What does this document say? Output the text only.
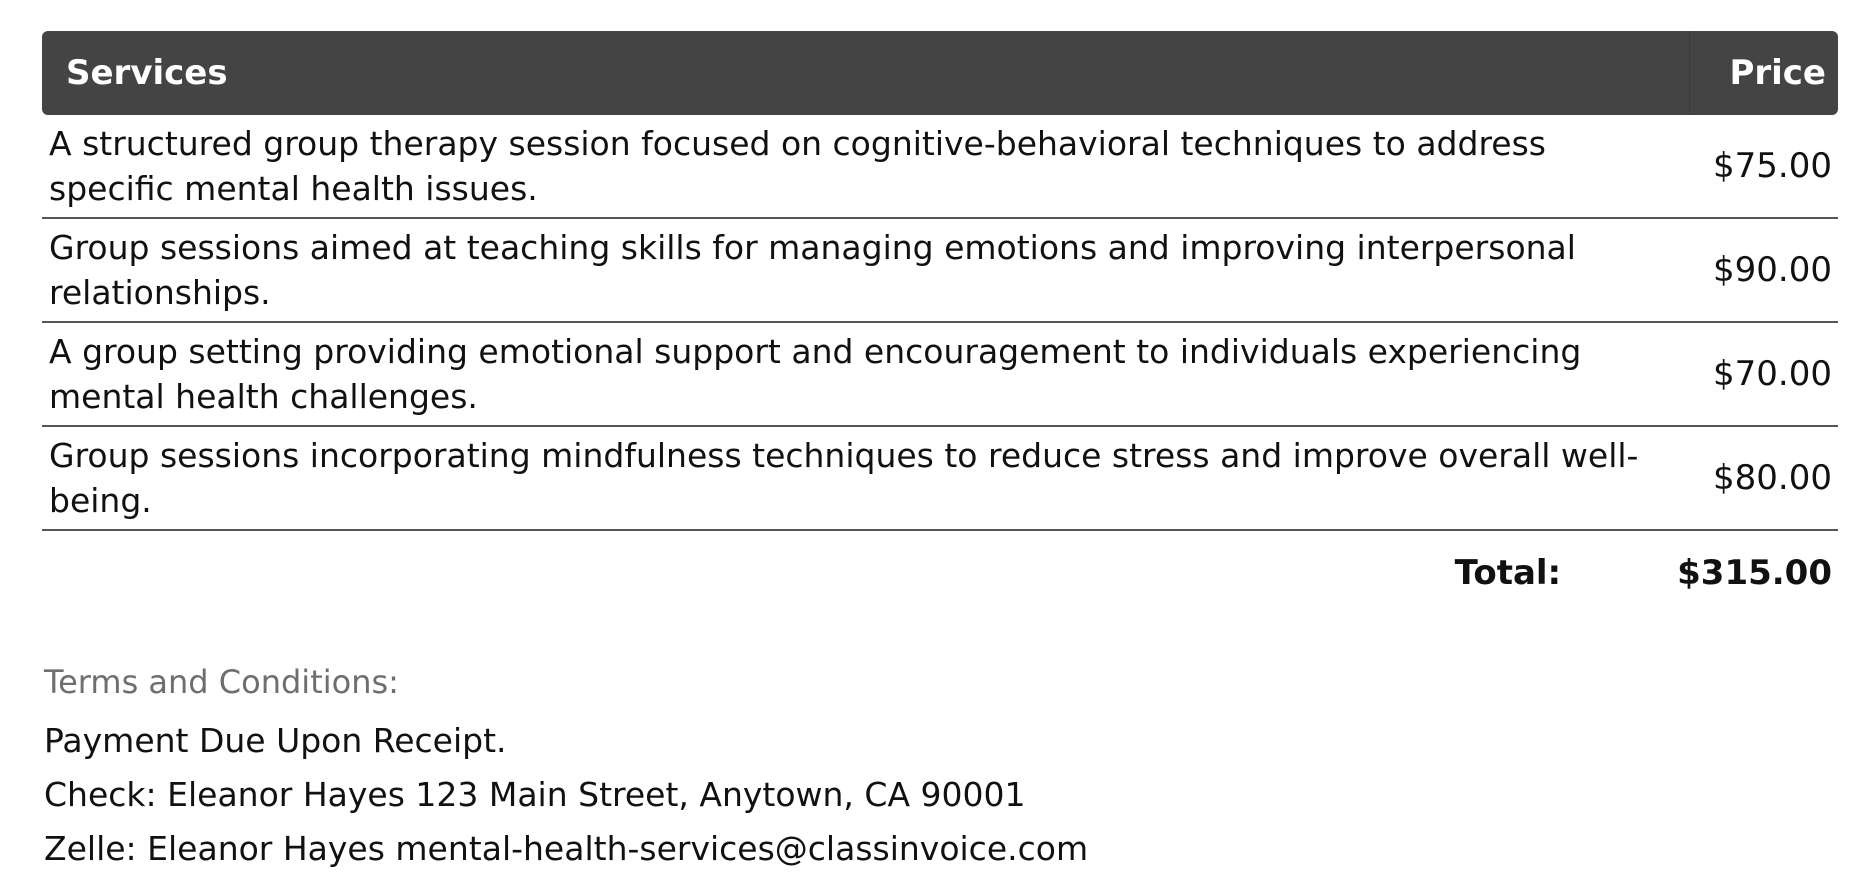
Services	Price
A structured group therapy session focused on cognitive-behavioral techniques to address specific mental health issues.
$75.00
Group sessions aimed at teaching skills for managing emotions and improving interpersonal relationships.
$90.00
A group setting providing emotional support and encouragement to individuals experiencing mental health challenges.
$70.00
Group sessions incorporating mindfulness techniques to reduce stress and improve overall well-being.
$80.00
Total:	$315.00
Terms and Conditions:
Payment Due Upon Receipt.
Check: Eleanor Hayes 123 Main Street, Anytown, CA 90001
Zelle: Eleanor Hayes mental-health-services@classinvoice.com
